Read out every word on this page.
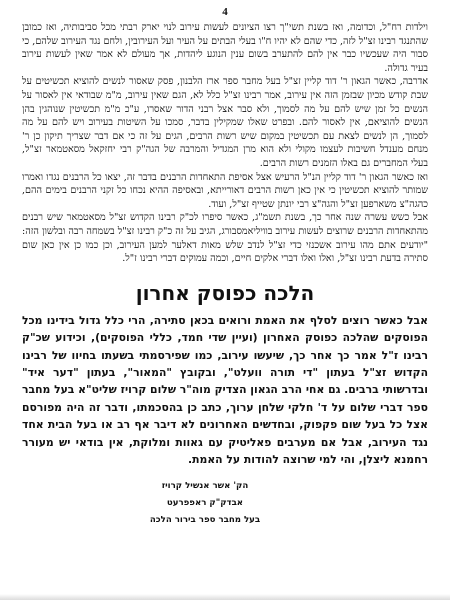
4

וילדות רח"ל, וכדומה, ואז בשנת תשי"ך רצו הציונים לעשות עירוב לנוי יארק רבתי מכל סביבותיה, ואז כמובן שהתנגד רבינו זצ"ל לזה, כדי שהם לא יהיו ח"ו בעלי הבתים על העיר ועל העירובין, ולחם נגד העירוב שלהם, כי סבור היה שעכשיו כבר אין להם להתערב בשום ענין הנוגע ליהדות, אך מעולם לא אמר שאין לעשות עירוב בעיר גדולה.

אדרבה, כאשר הגאון ר' דוד קליין זצ"ל בעל מחבר ספר ארז הלבנון, פסק שאסור לנשים להוציא תכשיטים על שבת קודש מכיון שבזמן הזה אין עירוב, אמר רבינו זצ"ל כלל לא, הגם שאין עירוב, מ"מ שבודאי אין לאסור על הנשים כל זמן שיש להם על מה לסמוך, ולא סבר אצל רבני הדור שאסרו, ע"כ מ"מ תכשיטין שנוהגין בהן הנשים להוציאם, אין לאסור להם. ובפרט שאלו שמקילין בדבר, סמכו על השיטות בעירוב ויש להם על מה לסמוך, הן לנשים לצאת עם תכשיטין במקום שיש רשות הרבים, הגים על זה כי אם דבר שצריך תיקון כן ר' מנחם מענדל חשיבות לעצמו מקולי ולא הוא מרן המגדיל והמרבה של הגה"ק רבי יחזקאל מסאטמאר זצ"ל, בעלי המחברים גם באלו הזמנים רשות הרבים.

ואז כאשר הגאון ר' דוד קליין הנ"ל הרעיש אצל אסיפת התאחדות הרבנים בדבר זה, יצאו כל הרבנים נגדו ואמרו שמותר להוציא תכשיטין כי אין כאן רשות הרבים דאורייתא, ובאסיפה ההיא נכחו כל זקני הרבנים בימים ההם, כהגה"צ משארפען זצ"ל והגה"צ רבי יונתן שטייף זצ"ל, ועוד.

אבל כשש עשרה שנה אחר כך, בשנת תשמ"ג, כאשר סיפרו לכ"ק רבינו הקדוש זצ"ל מסאטמאר שיש רבנים מהתאחדות הרבנים שרוצים לעשות עירוב בוויליאמסבורג, הגיב על זה כ"ק רבינו זצ"ל בשמחה רבה ובלשון הזה: "יודעים אתם מהו עירוב אשכנזי כדי זצ"ל לנדב שלש מאות דאלער למען העירוב, וכן כמו כן אין כאן שום סתירה בדעת רבינו זצ"ל, ואלו ואלו דברי אלקים חיים, וכמה עמוקים דברי רבינו ז"ל.

הלכה כפוסק אחרון

אבל כאשר רוצים לסלף את האמת ורואים בכאן סתירה, הרי כלל גדול בידינו מכל הפוסקים שהלכה כפוסק האחרון (ועיין שדי חמד, כללי הפוסקים), וכידוע שכ"ק רבינו ז"ל אמר כך אחר כך, שיעשו עירוב, כמו שפירסמתי בשעתו בחיוו של רבינו הקדוש זצ"ל בעתון "די תורה וועלט", ובקובץ "המאור", בעתון "דער איד" ובדרשותי ברבים. גם אחי הרב הגאון הצדיק מוה"ר שלום קרויז שליט"א בעל מחבר ספר דברי שלום על ד' חלקי שלחן ערוך, כתב כן בהסכמתו, ודבר זה היה מפורסם אצל כל בעל שום פקפוק, ובחדשים האחרונים לא דיבר אף רב או בעל הבית אחד נגד העירוב, אבל אם מערבים פאליטיק עם גאוות ומלוקת, אין בודאי יש מעורר רחמנא ליצלן, והי למי שרוצה להודות על האמת.

הק' אשר אנשיל קרויז
אבדק"ק ראפפרעט
בעל מחבר ספר בירור הלכה
